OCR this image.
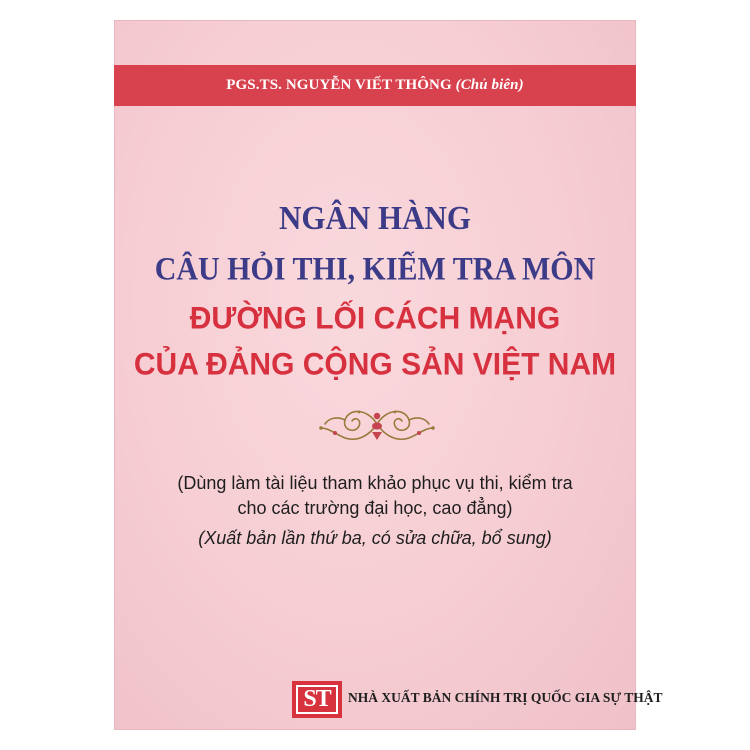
PGS.TS. NGUYỄN VIẾT THÔNG (Chủ biên)
NGÂN HÀNG
CÂU HỎI THI, KIỂM TRA MÔN
ĐƯỜNG LỐI CÁCH MẠNG
CỦA ĐẢNG CỘNG SẢN VIỆT NAM
(Dùng làm tài liệu tham khảo phục vụ thi, kiểm tra
cho các trường đại học, cao đẳng)
(Xuất bản lần thứ ba, có sửa chữa, bổ sung)
ST	NHÀ XUẤT BẢN CHÍNH TRỊ QUỐC GIA SỰ THẬT
